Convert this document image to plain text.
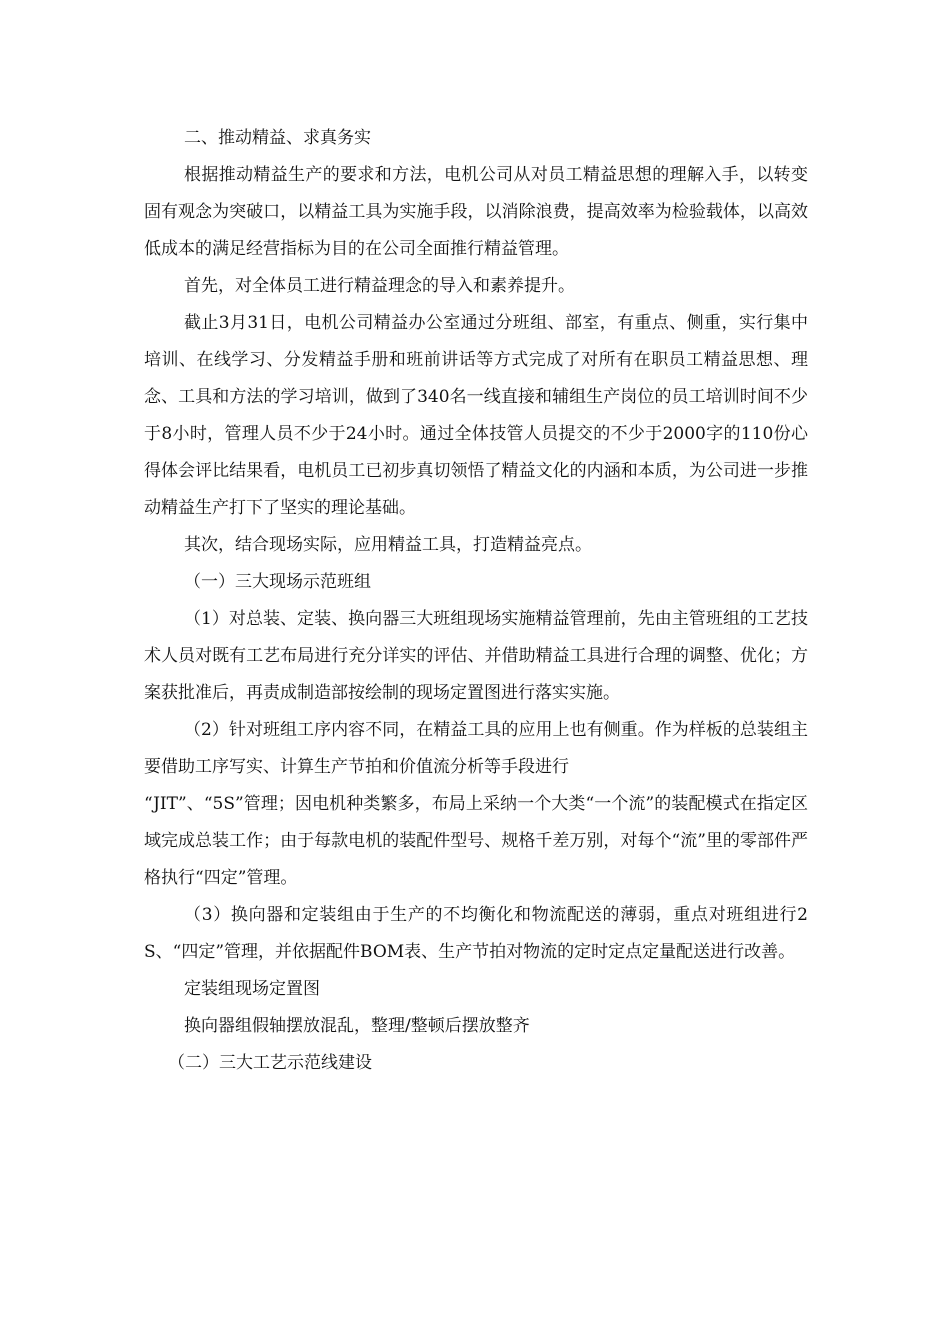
二、推动精益、求真务实

根据推动精益生产的要求和方法，电机公司从对员工精益思想的理解入手，以转变固有观念为突破口，以精益工具为实施手段，以消除浪费，提高效率为检验载体，以高效低成本的满足经营指标为目的在公司全面推行精益管理。

首先，对全体员工进行精益理念的导入和素养提升。

截止3月31日，电机公司精益办公室通过分班组、部室，有重点、侧重，实行集中培训、在线学习、分发精益手册和班前讲话等方式完成了对所有在职员工精益思想、理念、工具和方法的学习培训，做到了340名一线直接和辅组生产岗位的员工培训时间不少于8小时，管理人员不少于24小时。通过全体技管人员提交的不少于2000字的110份心得体会评比结果看，电机员工已初步真切领悟了精益文化的内涵和本质，为公司进一步推动精益生产打下了坚实的理论基础。

其次，结合现场实际，应用精益工具，打造精益亮点。

（一）三大现场示范班组

（1）对总装、定装、换向器三大班组现场实施精益管理前，先由主管班组的工艺技术人员对既有工艺布局进行充分详实的评估、并借助精益工具进行合理的调整、优化；方案获批准后，再责成制造部按绘制的现场定置图进行落实实施。

（2）针对班组工序内容不同，在精益工具的应用上也有侧重。作为样板的总装组主要借助工序写实、计算生产节拍和价值流分析等手段进行

“JIT”、“5S”管理；因电机种类繁多，布局上采纳一个大类“一个流”的装配模式在指定区域完成总装工作；由于每款电机的装配件型号、规格千差万别，对每个“流”里的零部件严格执行“四定”管理。

（3）换向器和定装组由于生产的不均衡化和物流配送的薄弱，重点对班组进行2S、“四定”管理，并依据配件BOM表、生产节拍对物流的定时定点定量配送进行改善。

定装组现场定置图

换向器组假轴摆放混乱，整理/整顿后摆放整齐

（二）三大工艺示范线建设
